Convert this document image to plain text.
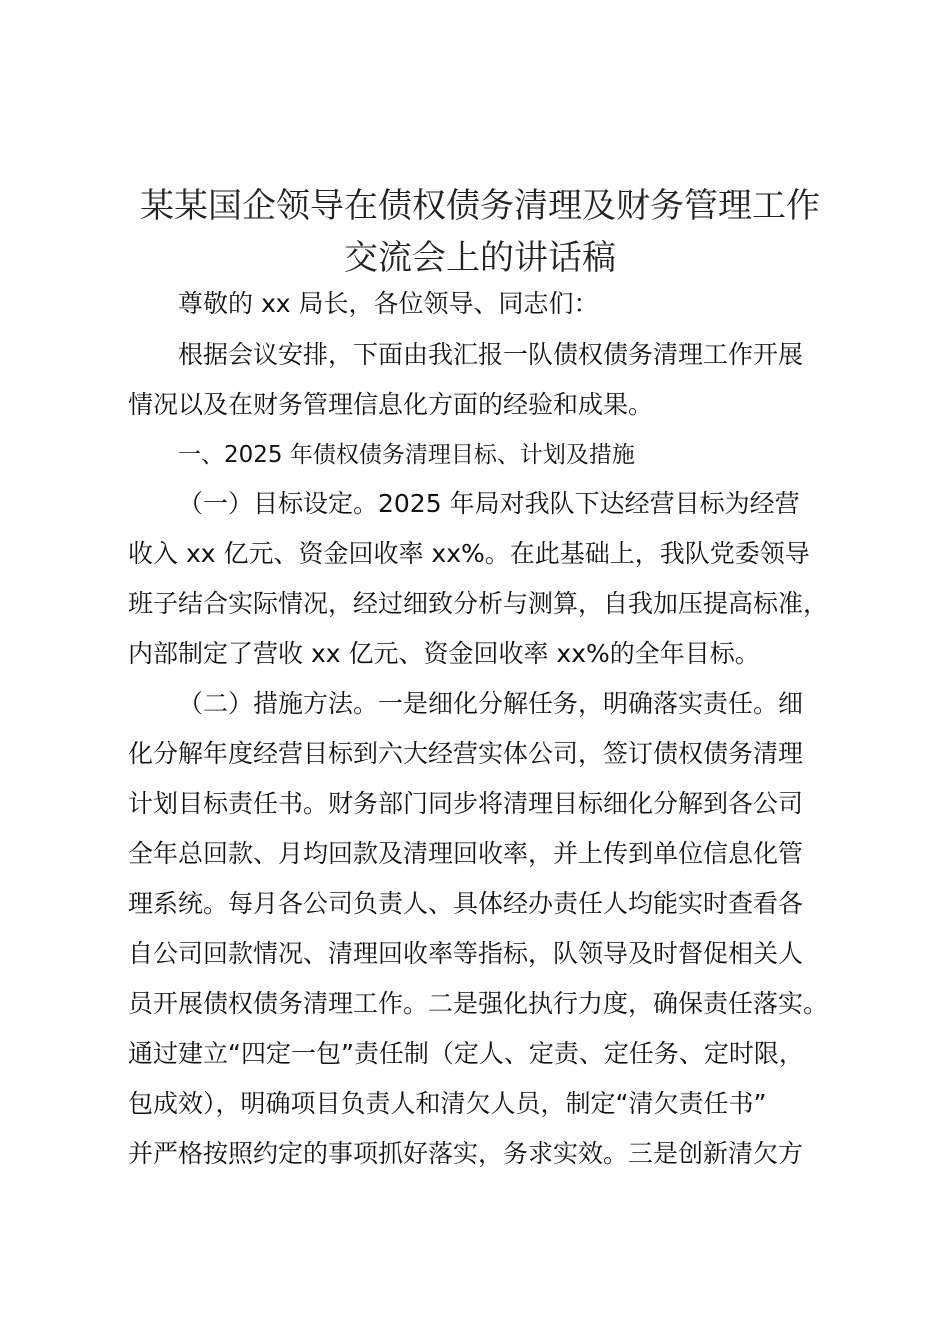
某某国企领导在债权债务清理及财务管理工作
交流会上的讲话稿
尊敬的 xx 局长，各位领导、同志们：
根据会议安排，下面由我汇报一队债权债务清理工作开展
情况以及在财务管理信息化方面的经验和成果。
一、2025 年债权债务清理目标、计划及措施
（一）目标设定。2025 年局对我队下达经营目标为经营
收入 xx 亿元、资金回收率 xx%。在此基础上，我队党委领导
班子结合实际情况，经过细致分析与测算，自我加压提高标准，
内部制定了营收 xx 亿元、资金回收率 xx%的全年目标。
（二）措施方法。一是细化分解任务，明确落实责任。细
化分解年度经营目标到六大经营实体公司，签订债权债务清理
计划目标责任书。财务部门同步将清理目标细化分解到各公司
全年总回款、月均回款及清理回收率，并上传到单位信息化管
理系统。每月各公司负责人、具体经办责任人均能实时查看各
自公司回款情况、清理回收率等指标，队领导及时督促相关人
员开展债权债务清理工作。二是强化执行力度，确保责任落实。
通过建立“四定一包”责任制（定人、定责、定任务、定时限，
包成效），明确项目负责人和清欠人员，制定“清欠责任书”
并严格按照约定的事项抓好落实，务求实效。三是创新清欠方
